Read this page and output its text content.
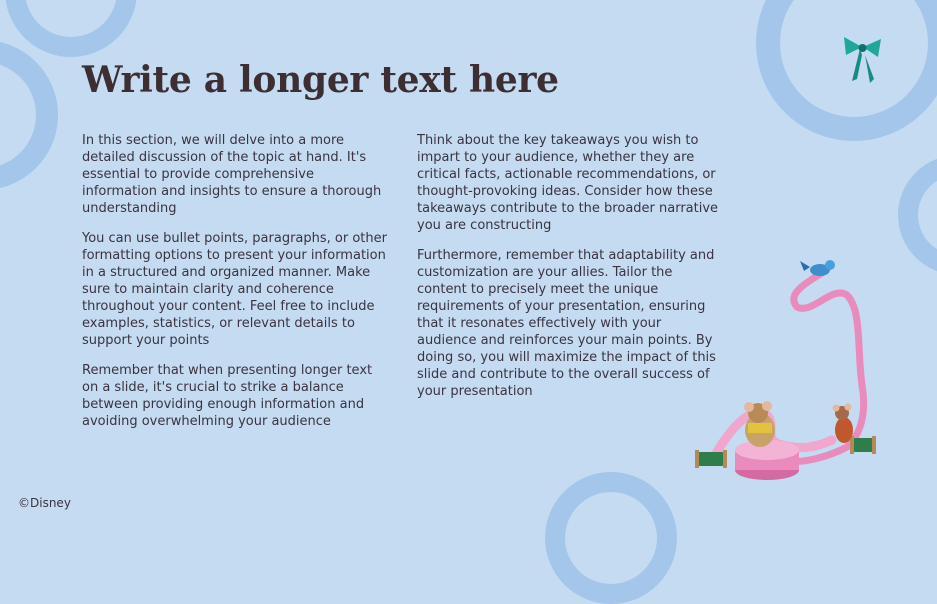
Write a longer text here

In this section, we will delve into a more detailed discussion of the topic at hand. It's essential to provide comprehensive information and insights to ensure a thorough understanding

You can use bullet points, paragraphs, or other formatting options to present your information in a structured and organized manner. Make sure to maintain clarity and coherence throughout your content. Feel free to include examples, statistics, or relevant details to support your points

Remember that when presenting longer text on a slide, it's crucial to strike a balance between providing enough information and avoiding overwhelming your audience

Think about the key takeaways you wish to impart to your audience, whether they are critical facts, actionable recommendations, or thought-provoking ideas. Consider how these takeaways contribute to the broader narrative you are constructing

Furthermore, remember that adaptability and customization are your allies. Tailor the content to precisely meet the unique requirements of your presentation, ensuring that it resonates effectively with your audience and reinforces your main points. By doing so, you will maximize the impact of this slide and contribute to the overall success of your presentation

©Disney
